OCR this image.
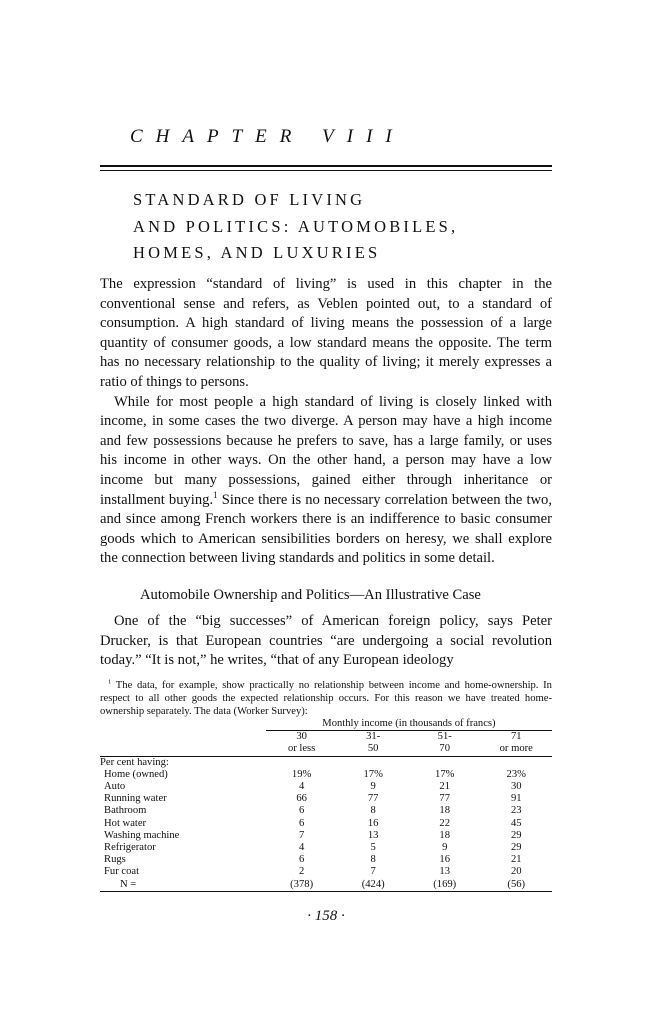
CHAPTER VIII
STANDARD OF LIVING
AND POLITICS: AUTOMOBILES,
HOMES, AND LUXURIES

The expression “standard of living” is used in this chapter in the conventional sense and refers, as Veblen pointed out, to a standard of consumption. A high standard of living means the possession of a large quantity of consumer goods, a low standard means the opposite. The term has no necessary relationship to the quality of living; it merely expresses a ratio of things to persons.

While for most people a high standard of living is closely linked with income, in some cases the two diverge. A person may have a high income and few possessions because he prefers to save, has a large family, or uses his income in other ways. On the other hand, a person may have a low income but many possessions, gained either through inheritance or installment buying.$^1$ Since there is no necessary correlation between the two, and since among French workers there is an indifference to basic consumer goods which to American sensibilities borders on heresy, we shall explore the connection between living standards and politics in some detail.

Automobile Ownership and Politics—An Illustrative Case
One of the “big successes” of American foreign policy, says Peter Drucker, is that European countries “are undergoing a social revolution today.” “It is not,” he writes, “that of any European ideology

$^1$ The data, for example, show practically no relationship between income and home-ownership. In respect to all other goods the expected relationship occurs. For this reason we have treated home-ownership separately. The data (Worker Survey):

	Monthly income (in thousands of francs)			
	30	31-	51-	71
	or less	50	70	or more
Per cent having:				
Home (owned)	19%	17%	17%	23%
Auto	4	9	21	30
Running water	66	77	77	91
Bathroom	6	8	18	23
Hot water	6	16	22	45
Washing machine	7	13	18	29
Refrigerator	4	5	9	29
Rugs	6	8	16	21
Fur coat	2	7	13	20
N =	(378)	(424)	(169)	(56)
· 158 ·
